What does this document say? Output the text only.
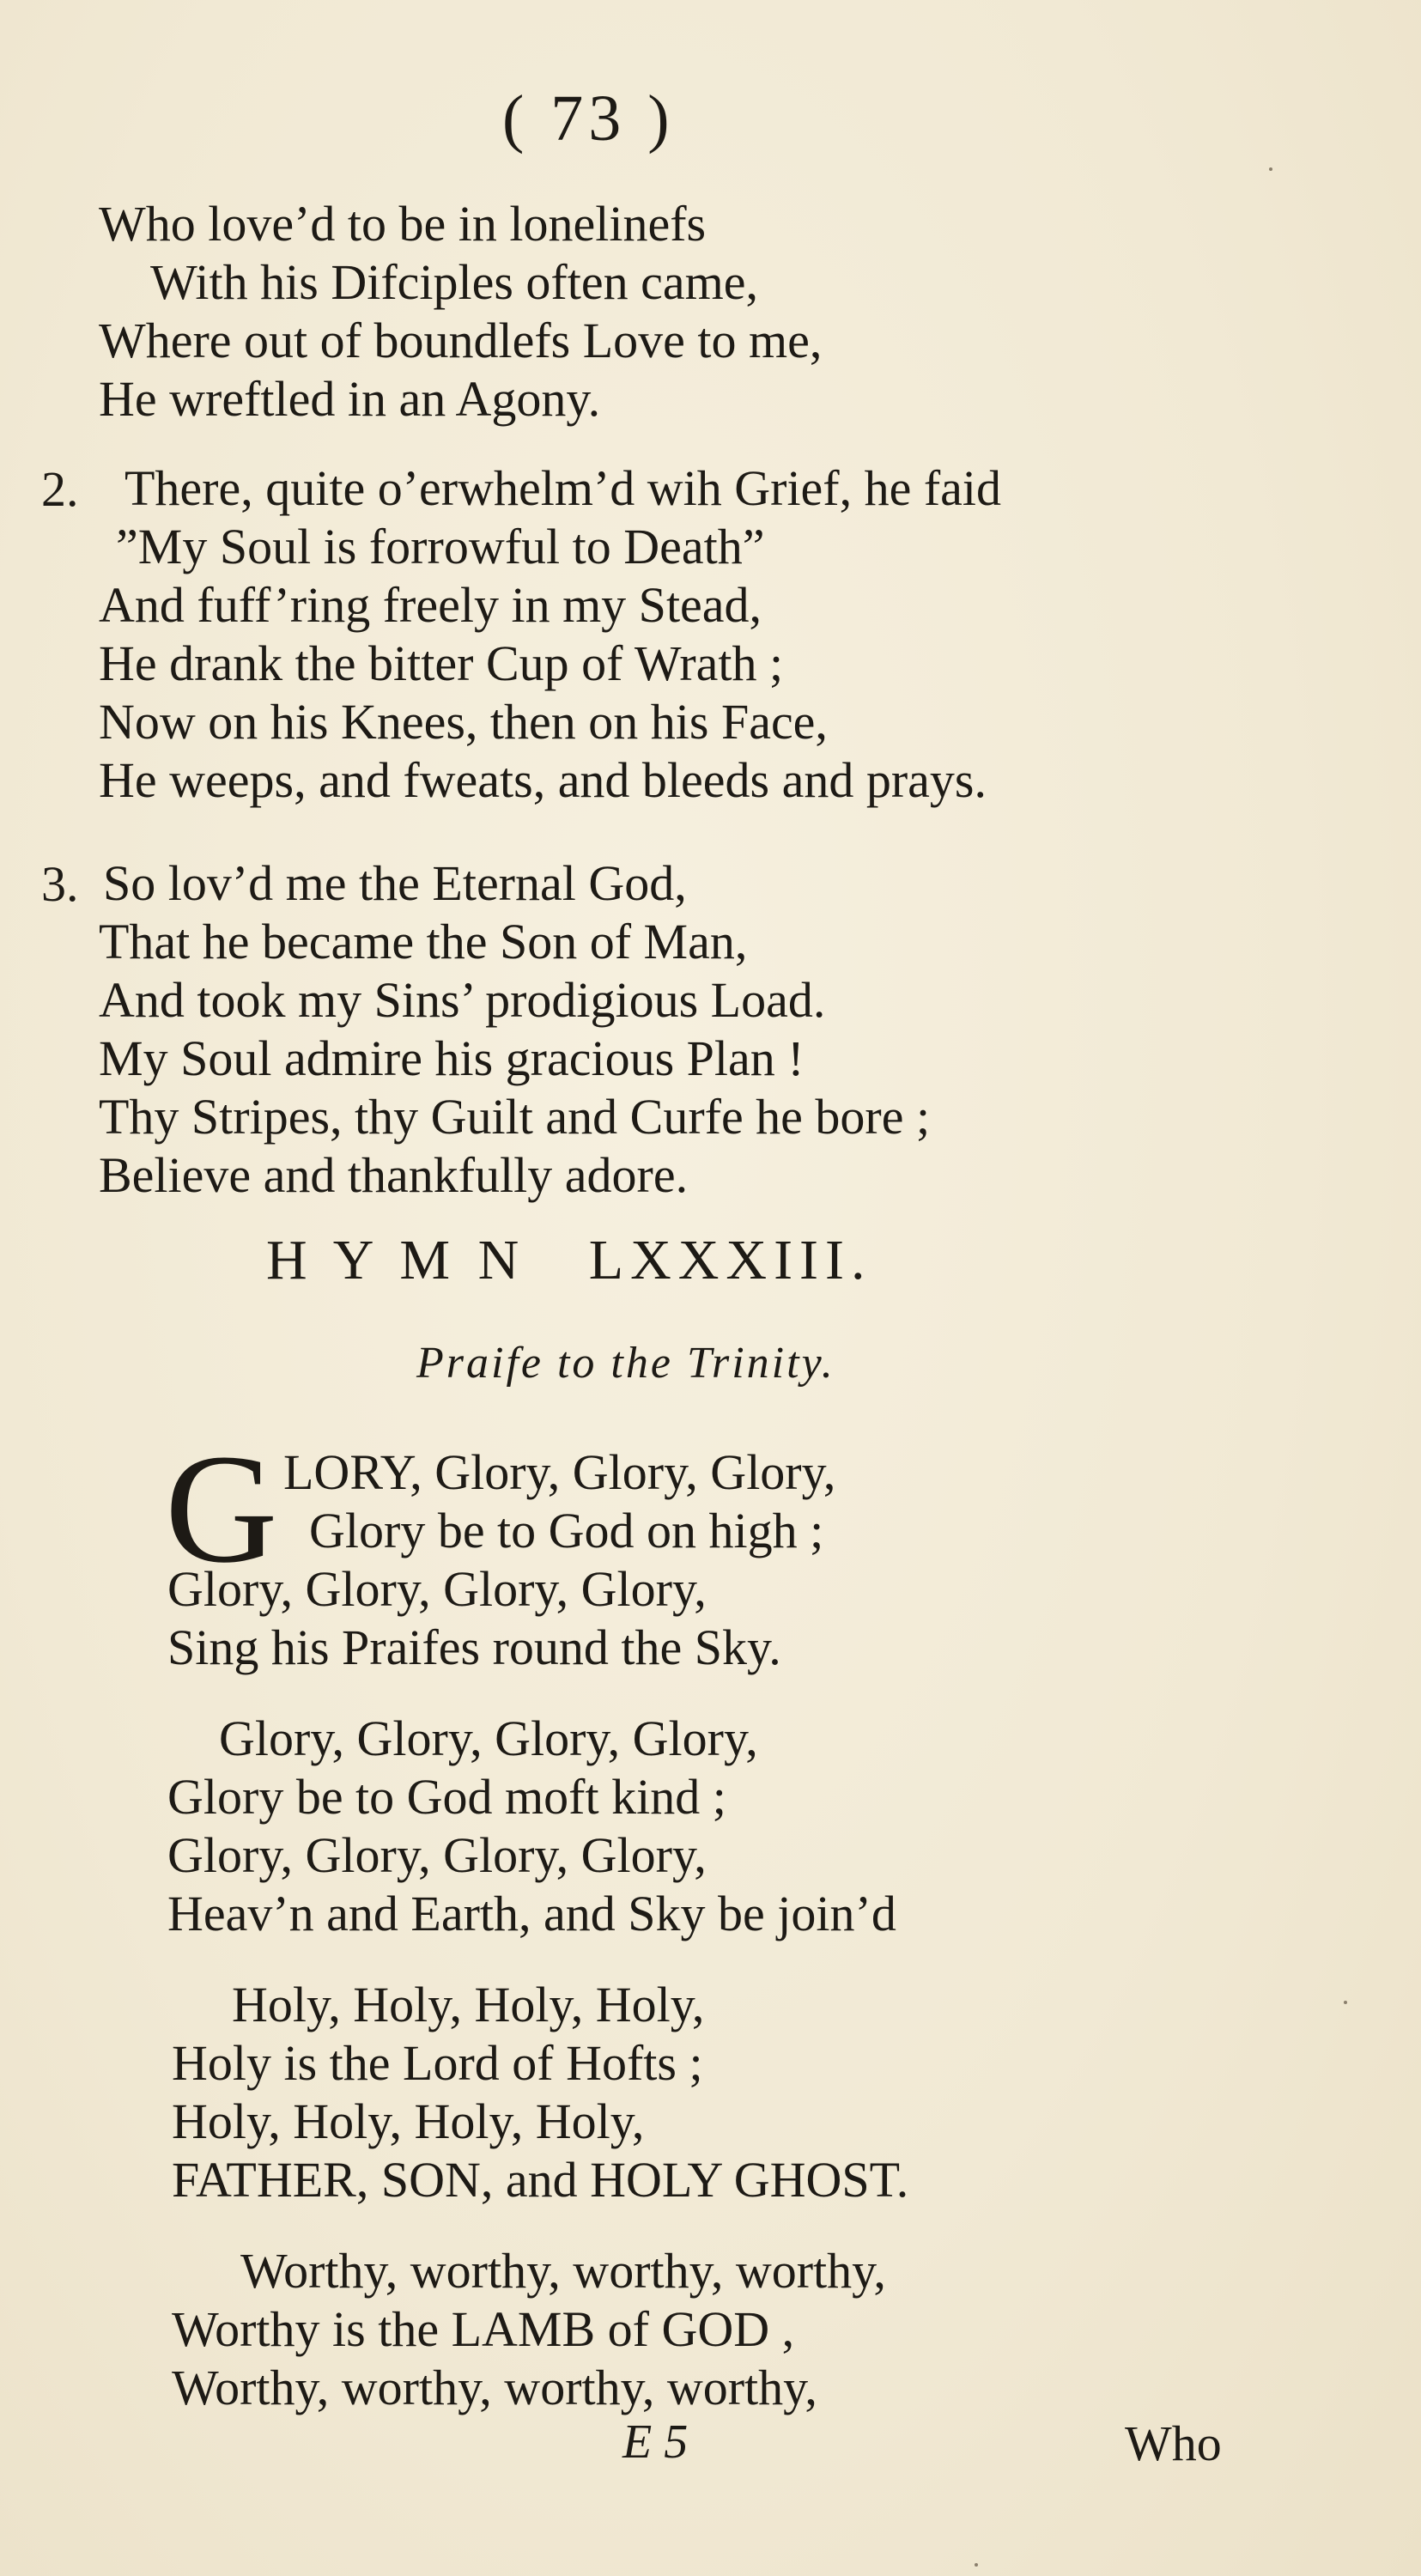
( 73 )
Who love’d to be in lonelinefs
With his Difciples often came,
Where out of boundlefs Love to me,
He wreftled in an Agony.
2. There, quite o’erwhelm’d wih Grief, he faid
”My Soul is forrowful to Death”
And fuff’ring freely in my Stead,
He drank the bitter Cup of Wrath ;
Now on his Knees, then on his Face,
He weeps, and fweats, and bleeds and prays.
3. So lov’d me the Eternal God,
That he became the Son of Man,
And took my Sins’ prodigious Load.
My Soul admire his gracious Plan !
Thy Stripes, thy Guilt and Curfe he bore ;
Believe and thankfully adore.
H Y M N   LXXXIII.
Praife to the Trinity.
G LORY, Glory, Glory, Glory,
Glory be to God on high ;
Glory, Glory, Glory, Glory,
Sing his Praifes round the Sky.
Glory, Glory, Glory, Glory,
Glory be to God moft kind ;
Glory, Glory, Glory, Glory,
Heav’n and Earth, and Sky be join’d
Holy, Holy, Holy, Holy,
Holy is the Lord of Hofts ;
Holy, Holy, Holy, Holy,
FATHER, SON, and HOLY GHOST.
Worthy, worthy, worthy, worthy,
Worthy is the LAMB of GOD ,
Worthy, worthy, worthy, worthy,
E 5	Who
